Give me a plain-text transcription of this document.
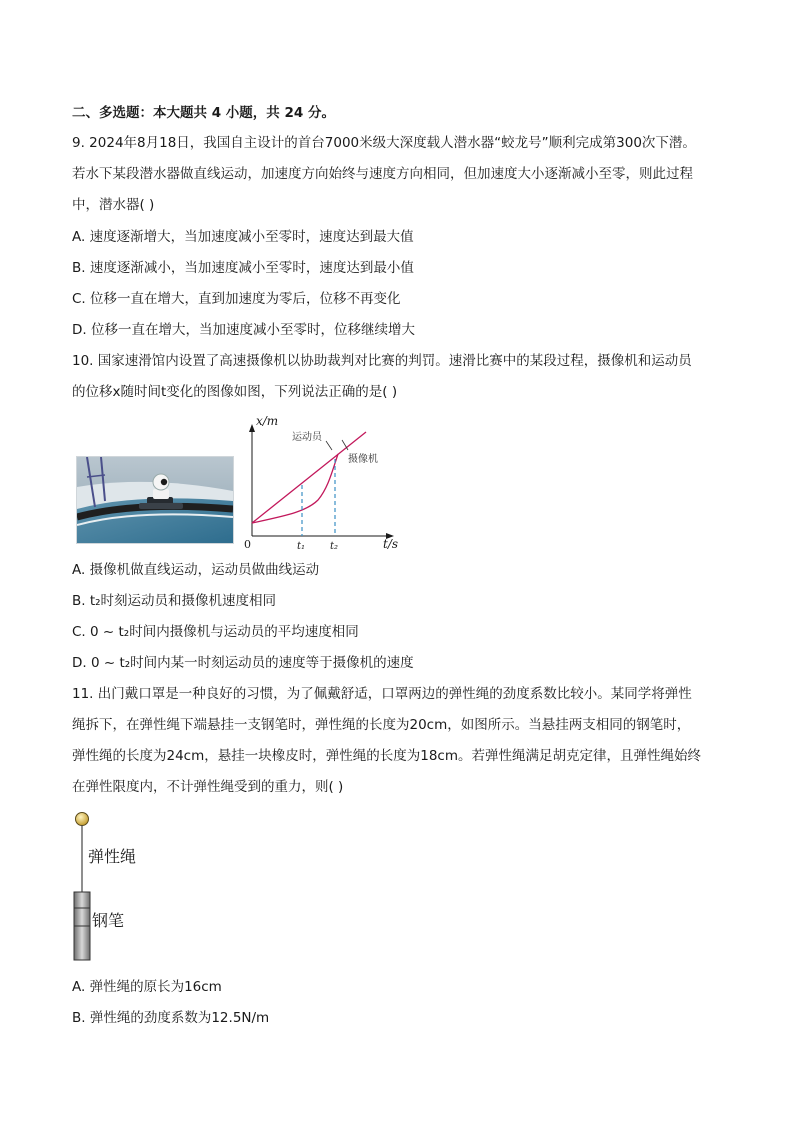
二、多选题：本大题共 4 小题，共 24 分。
9. 2024年8月18日，我国自主设计的首台7000米级大深度载人潜水器“蛟龙号”顺利完成第300次下潜。
若水下某段潜水器做直线运动，加速度方向始终与速度方向相同，但加速度大小逐渐减小至零，则此过程
中，潜水器( )
A. 速度逐渐增大，当加速度减小至零时，速度达到最大值
B. 速度逐渐减小，当加速度减小至零时，速度达到最小值
C. 位移一直在增大，直到加速度为零后，位移不再变化
D. 位移一直在增大，当加速度减小至零时，位移继续增大
10. 国家速滑馆内设置了高速摄像机以协助裁判对比赛的判罚。速滑比赛中的某段过程，摄像机和运动员
的位移x随时间t变化的图像如图，下列说法正确的是( )
x/m
t/s
0	t₁ t₂
运动员
摄像机
A. 摄像机做直线运动，运动员做曲线运动
B. t₂时刻运动员和摄像机速度相同
C. 0 ~ t₂时间内摄像机与运动员的平均速度相同
D. 0 ~ t₂时间内某一时刻运动员的速度等于摄像机的速度
11. 出门戴口罩是一种良好的习惯，为了佩戴舒适，口罩两边的弹性绳的劲度系数比较小。某同学将弹性
绳拆下，在弹性绳下端悬挂一支钢笔时，弹性绳的长度为20cm，如图所示。当悬挂两支相同的钢笔时，
弹性绳的长度为24cm，悬挂一块橡皮时，弹性绳的长度为18cm。若弹性绳满足胡克定律，且弹性绳始终
在弹性限度内，不计弹性绳受到的重力，则( )
弹性绳
钢笔
A. 弹性绳的原长为16cm
B. 弹性绳的劲度系数为12.5N/m
